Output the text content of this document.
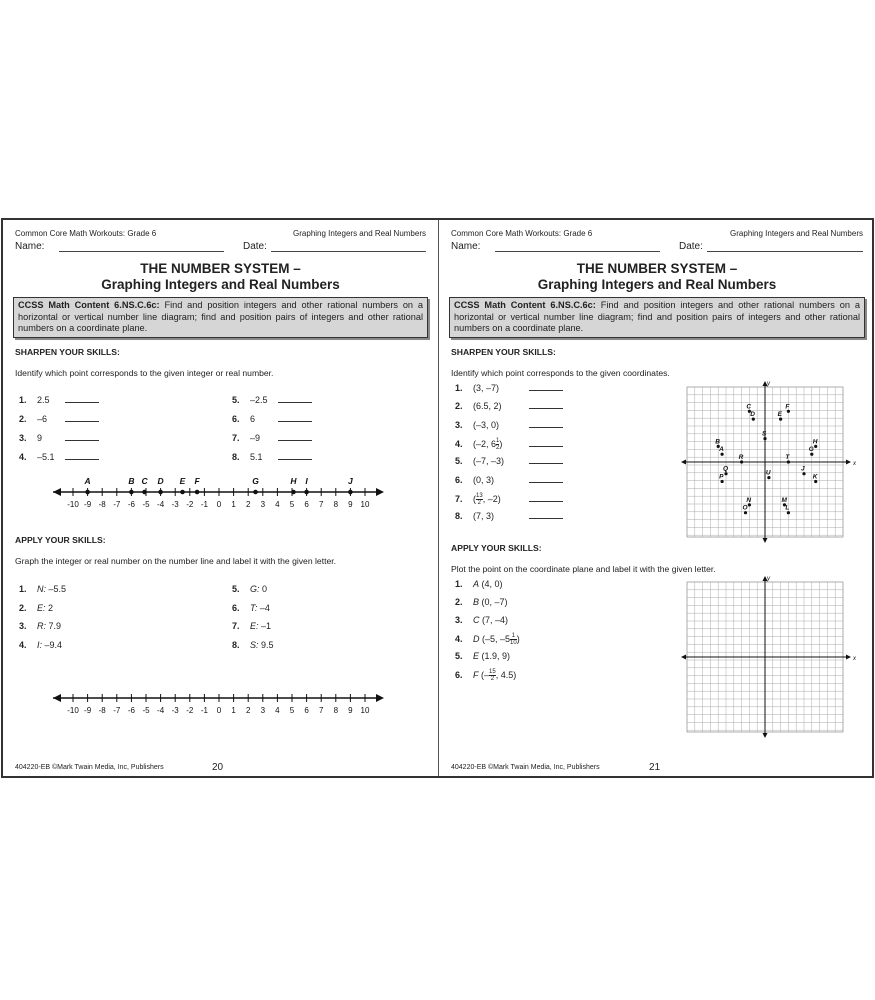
Common Core Math Workouts: Grade 6	Graphing Integers and Real Numbers
Name:	Date:
THE NUMBER SYSTEM –
Graphing Integers and Real Numbers
CCSS Math Content 6.NS.C.6c: Find and position integers and other rational numbers on a horizontal or vertical number line diagram; find and position pairs of integers and other rational numbers on a coordinate plane.
SHARPEN YOUR SKILLS:
Identify which point corresponds to the given integer or real number.
1. 2.5
2. –6
3. 9
4. –5.1
5. –2.5
6. 6
7. –9
8. 5.1
-10 -9 -8 -7 -6 -5 -4 -3 -2 -1 0 1 2 3 4 5 6 7 8 9 10
A	B C D E F	G	H I	J
APPLY YOUR SKILLS:
Graph the integer or real number on the number line and label it with the given letter.
1. N: –5.5
2. E: 2
3. R: 7.9
4. I: –9.4
5. G: 0
6. T: –4
7. E: –1
8. S: 9.5
-10 -9 -8 -7 -6 -5 -4 -3 -2 -1 0 1 2 3 4 5 6 7 8 9 10
404220-EB ©Mark Twain Media, Inc, Publishers	20
Common Core Math Workouts: Grade 6	Graphing Integers and Real Numbers
Name:	Date:
THE NUMBER SYSTEM –
Graphing Integers and Real Numbers
CCSS Math Content 6.NS.C.6c: Find and position integers and other rational numbers on a horizontal or vertical number line diagram; find and position pairs of integers and other rational numbers on a coordinate plane.
SHARPEN YOUR SKILLS:
Identify which point corresponds to the given coordinates.
1. (3, –7)
2. (6.5, 2)
3. (–3, 0)
4. (–2, $6 \frac{1}{2}$ )
5. (–7, –3)
6. (0, 3)
7. ( $\frac{13}{2}$ , –2)
8. (7, 3)
x
y
C
D
F
E
B
A
S
H
G
R	T
Q
P
U
J
K
N
O
M
L
APPLY YOUR SKILLS:
Plot the point on the coordinate plane and label it with the given letter.
1. A (4, 0)
2. B (0, –7)
3. C (7, –4)
4. D (–5, $-5 \frac{1}{10}$ )
5. E (1.9, 9)
6. F (– $\frac{15}{2}$ , 4.5)
x
y
404220-EB ©Mark Twain Media, Inc, Publishers	21
